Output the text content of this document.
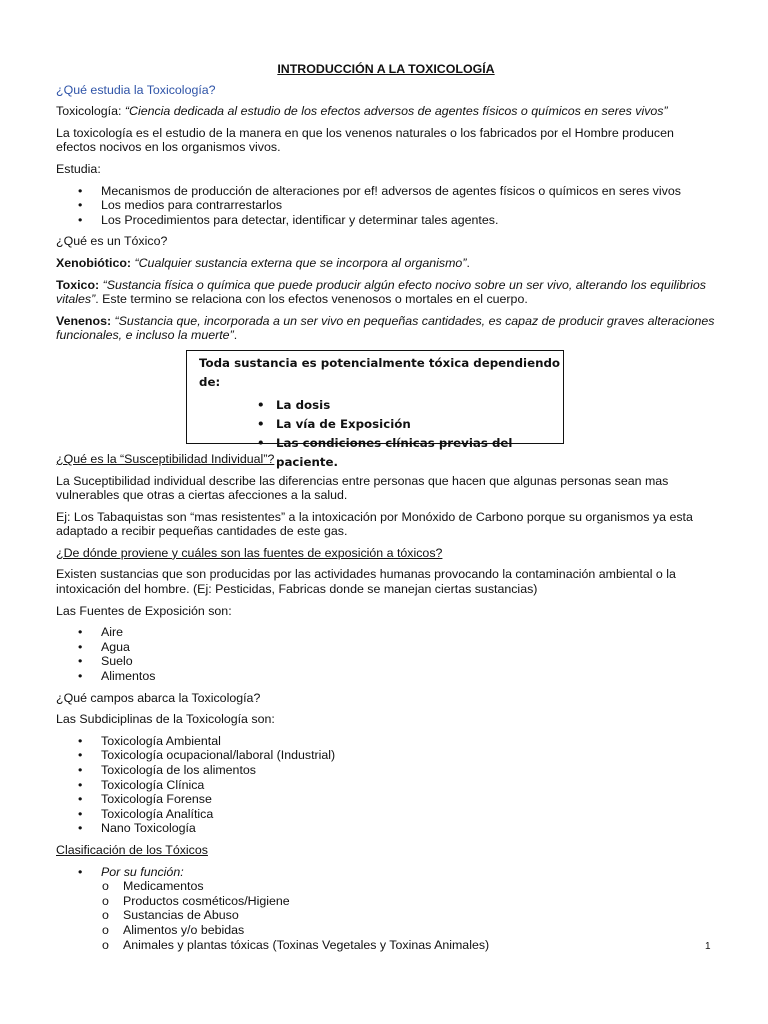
INTRODUCCIÓN A LA TOXICOLOGÍA

¿Qué estudia la Toxicología?

Toxicología: “Ciencia dedicada al estudio de los efectos adversos de agentes físicos o químicos en seres vivos”

La toxicología es el estudio de la manera en que los venenos naturales o los fabricados por el Hombre producen efectos nocivos en los organismos vivos.

Estudia:

• Mecanismos de producción de alteraciones por ef! adversos de agentes físicos o químicos en seres vivos
• Los medios para contrarrestarlos
• Los Procedimientos para detectar, identificar y determinar tales agentes.

¿Qué es un Tóxico?

Xenobiótico: “Cualquier sustancia externa que se incorpora al organismo”.

Toxico: “Sustancia física o química que puede producir algún efecto nocivo sobre un ser vivo, alterando los equilibrios vitales”. Este termino se relaciona con los efectos venenosos o mortales en el cuerpo.

Venenos: “Sustancia que, incorporada a un ser vivo en pequeñas cantidades, es capaz de producir graves alteraciones funcionales, e incluso la muerte”.

Toda sustancia es potencialmente tóxica dependiendo de:
• La dosis
• La vía de Exposición
• Las condiciones clínicas previas del paciente.

¿Qué es la “Susceptibilidad Individual”?

La Suceptibilidad individual describe las diferencias entre personas que hacen que algunas personas sean mas vulnerables que otras a ciertas afecciones a la salud.

Ej: Los Tabaquistas son “mas resistentes” a la intoxicación por Monóxido de Carbono porque su organismos ya esta adaptado a recibir pequeñas cantidades de este gas.

¿De dónde proviene y cuáles son las fuentes de exposición a tóxicos?

Existen sustancias que son producidas por las actividades humanas provocando la contaminación ambiental o la intoxicación del hombre. (Ej: Pesticidas, Fabricas donde se manejan ciertas sustancias)

Las Fuentes de Exposición son:

• Aire
• Agua
• Suelo
• Alimentos

¿Qué campos abarca la Toxicología?

Las Subdiciplinas de la Toxicología son:

• Toxicología Ambiental
• Toxicología ocupacional/laboral (Industrial)
• Toxicología de los alimentos
• Toxicología Clínica
• Toxicología Forense
• Toxicología Analítica
• Nano Toxicología

Clasificación de los Tóxicos

• Por su función:
o Medicamentos
o Productos cosméticos/Higiene
o Sustancias de Abuso
o Alimentos y/o bebidas
o Animales y plantas tóxicas (Toxinas Vegetales y Toxinas Animales)	1
